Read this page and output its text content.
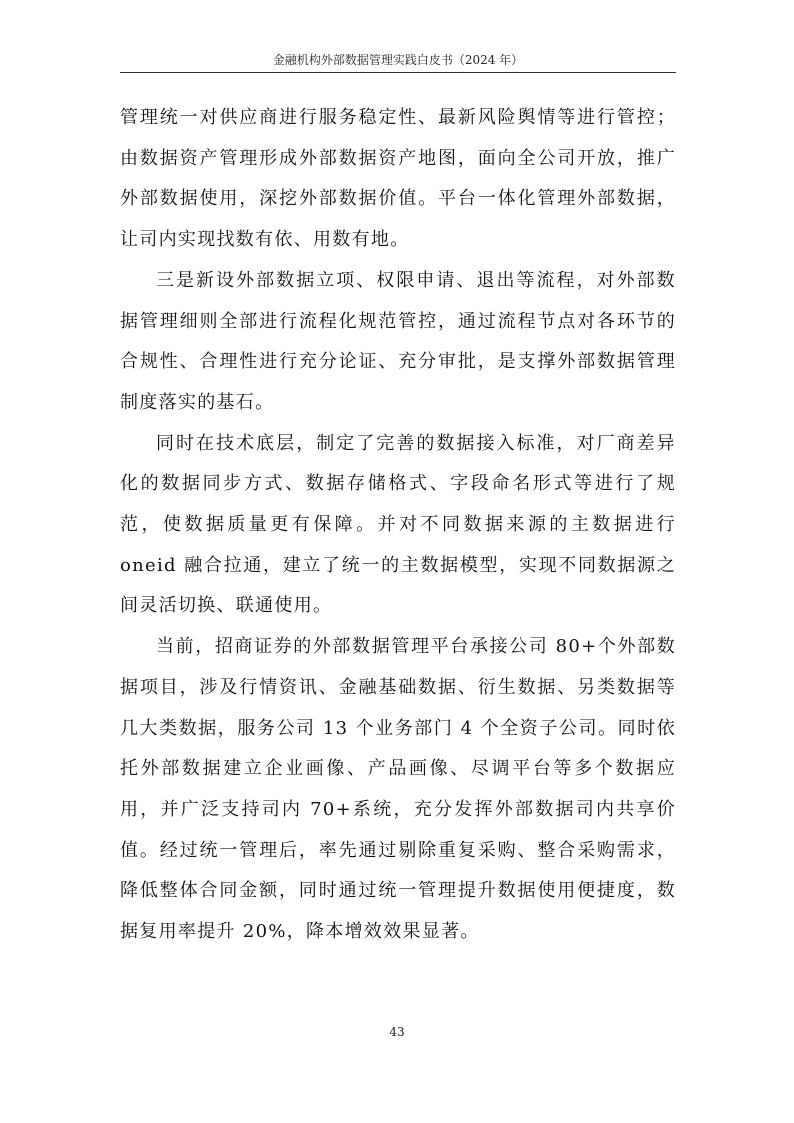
金融机构外部数据管理实践白皮书（2024 年）

管理统一对供应商进行服务稳定性、最新风险舆情等进行管控；由数据资产管理形成外部数据资产地图，面向全公司开放，推广外部数据使用，深挖外部数据价值。平台一体化管理外部数据，让司内实现找数有依、用数有地。

三是新设外部数据立项、权限申请、退出等流程，对外部数据管理细则全部进行流程化规范管控，通过流程节点对各环节的合规性、合理性进行充分论证、充分审批，是支撑外部数据管理制度落实的基石。

同时在技术底层，制定了完善的数据接入标准，对厂商差异化的数据同步方式、数据存储格式、字段命名形式等进行了规范，使数据质量更有保障。并对不同数据来源的主数据进行 oneid 融合拉通，建立了统一的主数据模型，实现不同数据源之间灵活切换、联通使用。

当前，招商证券的外部数据管理平台承接公司 80+个外部数据项目，涉及行情资讯、金融基础数据、衍生数据、另类数据等几大类数据，服务公司 13 个业务部门 4 个全资子公司。同时依托外部数据建立企业画像、产品画像、尽调平台等多个数据应用，并广泛支持司内 70+系统，充分发挥外部数据司内共享价值。经过统一管理后，率先通过剔除重复采购、整合采购需求，降低整体合同金额，同时通过统一管理提升数据使用便捷度，数据复用率提升 20%，降本增效效果显著。

43
